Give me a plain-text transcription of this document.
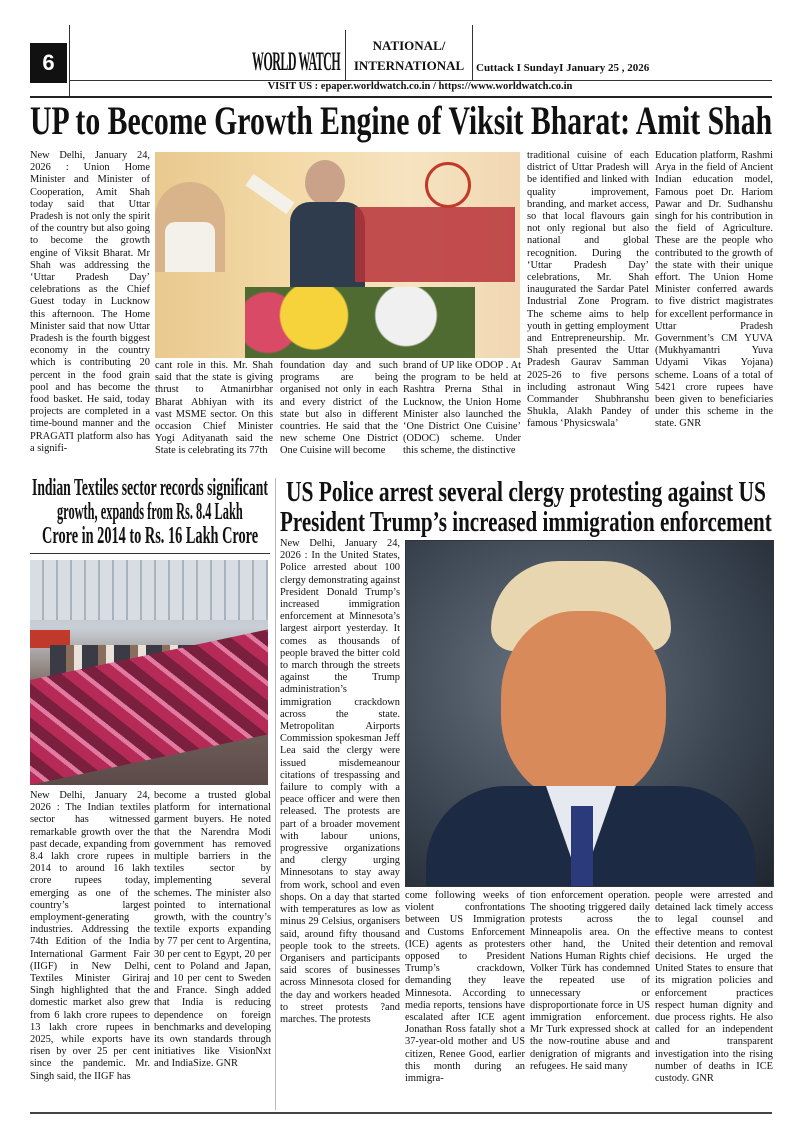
6	WORLD WATCH
NATIONAL/
INTERNATIONAL	Cuttack I SundayI January 25 , 2026
VISIT US : epaper.worldwatch.co.in / https://www.worldwatch.co.in
UP to Become Growth Engine of Viksit Bharat: Amit Shah
New Delhi, January 24, 2026 : Union Home Minister and Minister of Cooperation, Amit Shah today said that Uttar Pradesh is not only the spirit of the country but also going to become the growth engine of Viksit Bharat. Mr Shah was addressing the ‘Uttar Pradesh Day’ celebrations as the Chief Guest today in Lucknow this afternoon. The Home Minister said that now Uttar Pradesh is the fourth biggest economy in the country which is contributing 20 percent in the food grain pool and has become the food basket. He said, today projects are completed in a time-bound manner and the PRAGATI platform also has a signifi-
cant role in this. Mr. Shah said that the state is giving thrust to Atmanirbhar Bharat Abhiyan with its vast MSME sector. On this occasion Chief Minister Yogi Adityanath said the State is celebrating its 77th
foundation day and such programs are being organised not only in each and every district of the state but also in different countries. He said that the new scheme One District One Cuisine will become
brand of UP like ODOP . At the program to be held at Rashtra Prerna Sthal in Lucknow, the Union Home Minister also launched the ‘One District One Cuisine’ (ODOC) scheme. Under this scheme, the distinctive
traditional cuisine of each district of Uttar Pradesh will be identified and linked with quality improvement, branding, and market access, so that local flavours gain not only regional but also national and global recognition. During the ‘Uttar Pradesh Day’ celebrations, Mr. Shah inaugurated the Sardar Patel Industrial Zone Program. The scheme aims to help youth in getting employment and Entrepreneurship. Mr. Shah presented the Uttar Pradesh Gaurav Samman 2025-26 to five persons including astronaut Wing Commander Shubhranshu Shukla, Alakh Pandey of famous ‘Physicswala’
Education platform, Rashmi Arya in the field of Ancient Indian education model, Famous poet Dr. Hariom Pawar and Dr. Sudhanshu singh for his contribution in the field of Agriculture. These are the people who contributed to the growth of the state with their unique effort. The Union Home Minister conferred awards to five district magistrates for excellent performance in Uttar Pradesh Government’s CM YUVA (Mukhyamantri Yuva Udyami Vikas Yojana) scheme. Loans of a total of 5421 crore rupees have been given to beneficiaries under this scheme in the state. GNR
Indian Textiles sector records significant
growth, expands from Rs. 8.4 Lakh
Crore in 2014 to Rs. 16 Lakh Crore
New Delhi, January 24, 2026 : The Indian textiles sector has witnessed remarkable growth over the past decade, expanding from 8.4 lakh crore rupees in 2014 to around 16 lakh crore rupees today, emerging as one of the country’s largest employment-generating industries. Addressing the 74th Edition of the India International Garment Fair (IIGF) in New Delhi, Textiles Minister Giriraj Singh highlighted that the domestic market also grew from 6 lakh crore rupees to 13 lakh crore rupees in 2025, while exports have risen by over 25 per cent since the pandemic. Mr. Singh said, the IIGF has
become a trusted global platform for international garment buyers. He noted that the Narendra Modi government has removed multiple barriers in the textiles sector by implementing several schemes. The minister also pointed to international growth, with the country’s textile exports expanding by 77 per cent to Argentina, 30 per cent to Egypt, 20 per cent to Poland and Japan, and 10 per cent to Sweden and France. Singh added that India is reducing dependence on foreign benchmarks and developing its own standards through initiatives like VisionNxt and IndiaSize. GNR
US Police arrest several clergy protesting against US
President Trump’s increased immigration enforcement
New Delhi, January 24, 2026 : In the United States, Police arrested about 100 clergy demonstrating against President Donald Trump’s increased immigration enforcement at Minnesota’s largest airport yesterday. It comes as thousands of people braved the bitter cold to march through the streets against the Trump administration’s immigration crackdown across the state. Metropolitan Airports Commission spokesman Jeff Lea said the clergy were issued misdemeanour citations of trespassing and failure to comply with a peace officer and were then released. The protests are part of a broader movement with labour unions, progressive organizations and clergy urging Minnesotans to stay away from work, school and even shops. On a day that started with temperatures as low as minus 29 Celsius, organisers said, around fifty thousand people took to the streets. Organisers and participants said scores of businesses across Minnesota closed for the day and workers headed to street protests ?and marches. The protests
come following weeks of violent confrontations between US Immigration and Customs Enforcement (ICE) agents as protesters opposed to President Trump’s crackdown, demanding they leave Minnesota. According to media reports, tensions have escalated after ICE agent Jonathan Ross fatally shot a 37-year-old mother and US citizen, Renee Good, earlier this month during an immigra-
tion enforcement operation. The shooting triggered daily protests across the Minneapolis area. On the other hand, the United Nations Human Rights chief Volker Türk has condemned the repeated use of unnecessary or disproportionate force in US immigration enforcement. Mr Turk expressed shock at the now-routine abuse and denigration of migrants and refugees. He said many
people were arrested and detained lack timely access to legal counsel and effective means to contest their detention and removal decisions. He urged the United States to ensure that its migration policies and enforcement practices respect human dignity and due process rights. He also called for an independent and transparent investigation into the rising number of deaths in ICE custody. GNR
